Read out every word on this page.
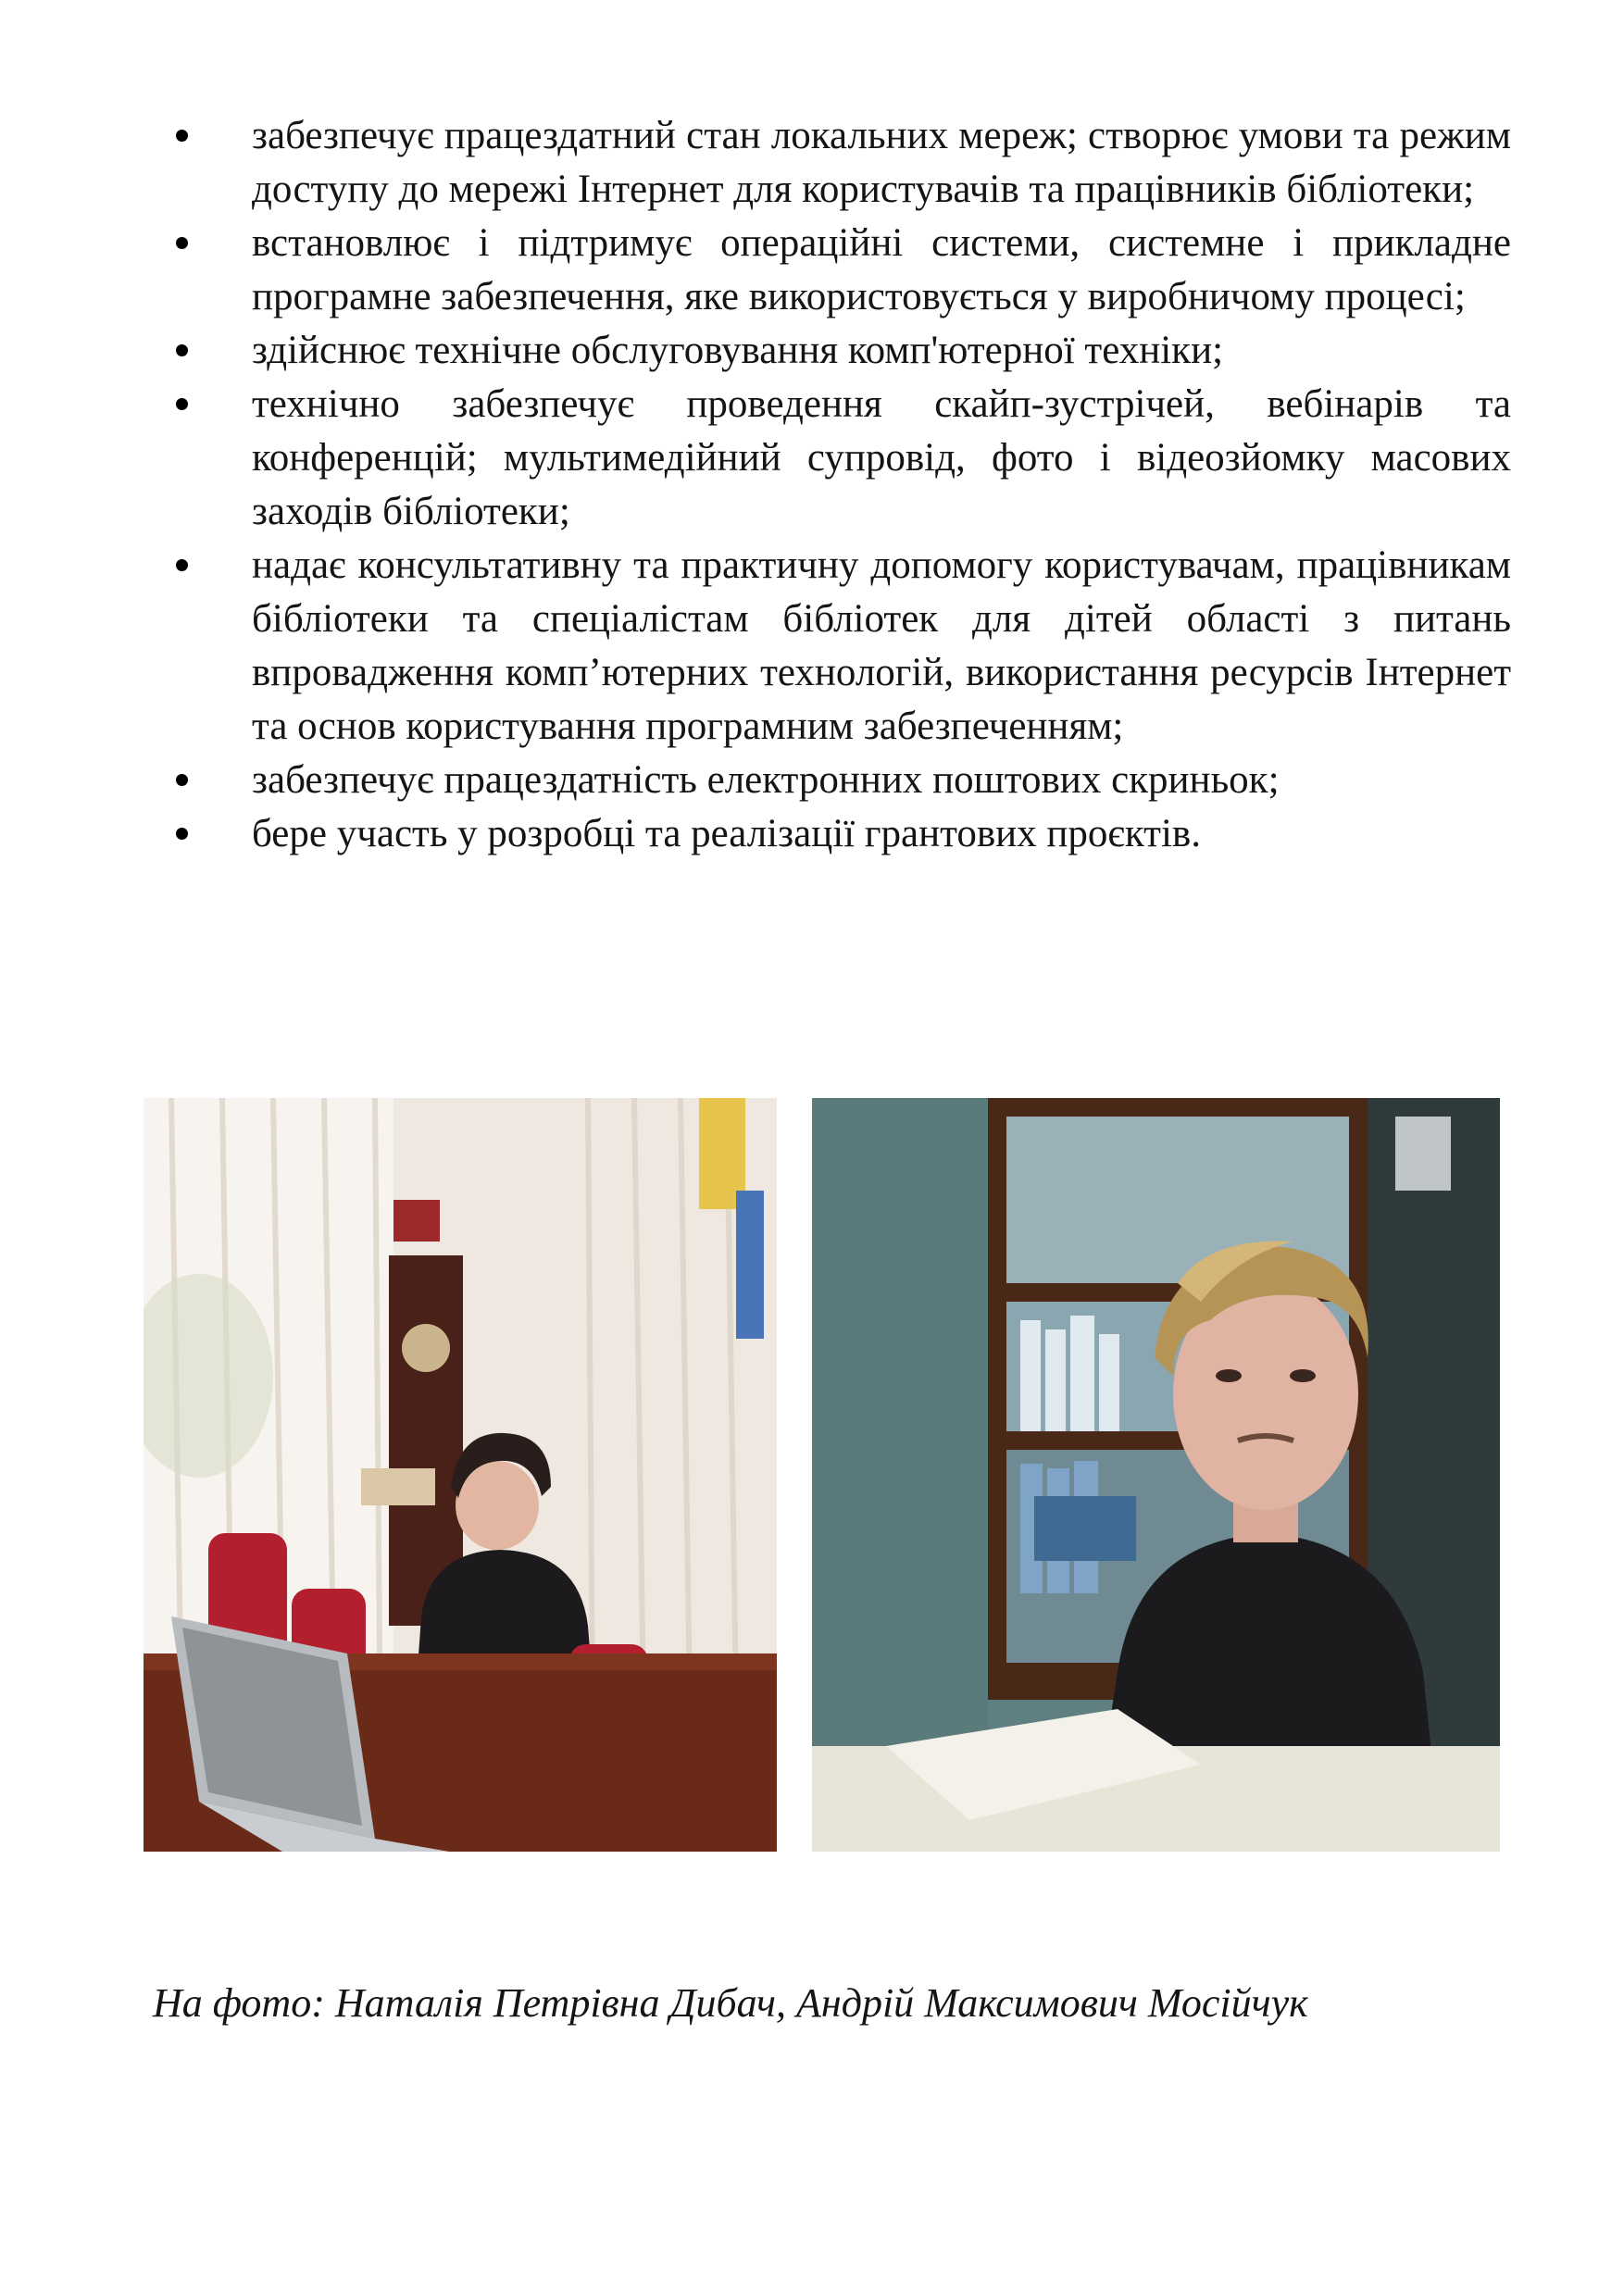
забезпечує працездатний стан локальних мереж; створює умови та режим доступу до мережі Інтернет для користувачів та працівників бібліотеки;
встановлює і підтримує операційні системи, системне і прикладне програмне забезпечення, яке використовується у виробничому процесі;
здійснює технічне обслуговування комп'ютерної техніки;
технічно забезпечує проведення скайп-зустрічей, вебінарів та конференцій; мультимедійний супровід, фото і відеозйомку масових заходів бібліотеки;
надає консультативну та практичну допомогу користувачам, працівникам бібліотеки та спеціалістам бібліотек для дітей області з питань впровадження комп’ютерних технологій, використання ресурсів Інтернет та основ користування програмним забезпеченням;
забезпечує працездатність електронних поштових скриньок;
бере участь у розробці та реалізації грантових проєктів.
На фото: Наталія Петрівна Дибач, Андрій Максимович Мосійчук
